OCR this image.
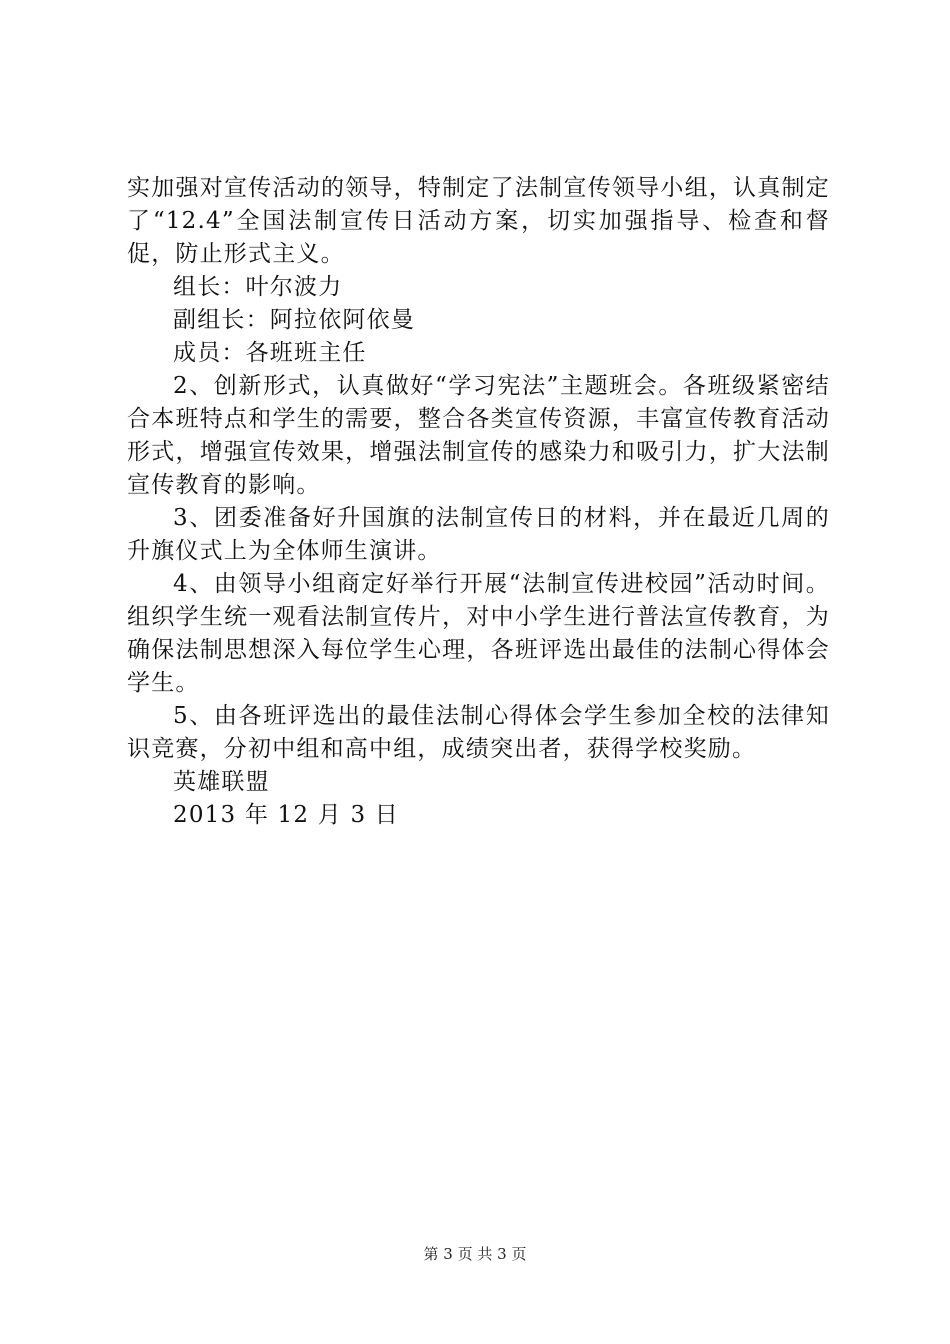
实加强对宣传活动的领导，特制定了法制宣传领导小组，认真制定了“12.4”全国法制宣传日活动方案，切实加强指导、检查和督促，防止形式主义。

组长：叶尔波力

副组长：阿拉依阿依曼

成员：各班班主任

2、创新形式，认真做好“学习宪法”主题班会。各班级紧密结合本班特点和学生的需要，整合各类宣传资源，丰富宣传教育活动形式，增强宣传效果，增强法制宣传的感染力和吸引力，扩大法制宣传教育的影响。

3、团委准备好升国旗的法制宣传日的材料，并在最近几周的升旗仪式上为全体师生演讲。

4、由领导小组商定好举行开展“法制宣传进校园”活动时间。组织学生统一观看法制宣传片，对中小学生进行普法宣传教育，为确保法制思想深入每位学生心理，各班评选出最佳的法制心得体会学生。

5、由各班评选出的最佳法制心得体会学生参加全校的法律知识竞赛，分初中组和高中组，成绩突出者，获得学校奖励。

英雄联盟

2013 年 12 月 3 日

第 3 页 共 3 页
